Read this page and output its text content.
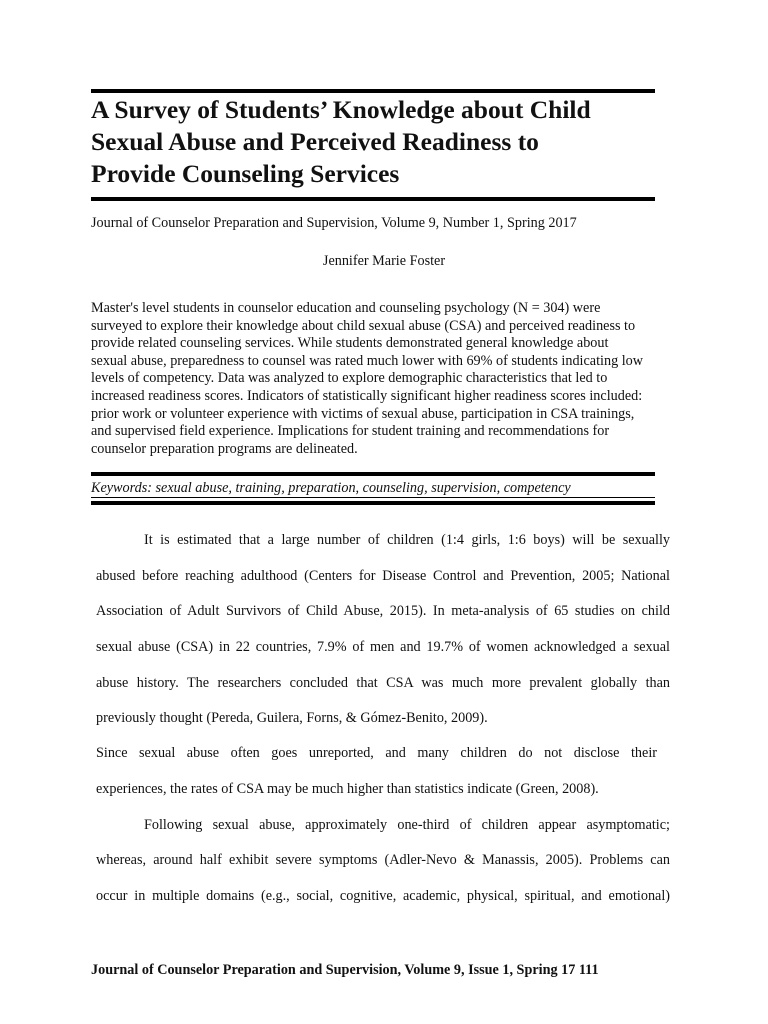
A Survey of Students’ Knowledge about Child
Sexual Abuse and Perceived Readiness to
Provide Counseling Services
Journal of Counselor Preparation and Supervision, Volume 9, Number 1, Spring 2017
Jennifer Marie Foster
Master's level students in counselor education and counseling psychology (N = 304) were
surveyed to explore their knowledge about child sexual abuse (CSA) and perceived readiness to
provide related counseling services. While students demonstrated general knowledge about
sexual abuse, preparedness to counsel was rated much lower with 69% of students indicating low
levels of competency. Data was analyzed to explore demographic characteristics that led to
increased readiness scores. Indicators of statistically significant higher readiness scores included:
prior work or volunteer experience with victims of sexual abuse, participation in CSA trainings,
and supervised field experience. Implications for student training and recommendations for
counselor preparation programs are delineated.
Keywords: sexual abuse, training, preparation, counseling, supervision, competency
It is estimated that a large number of children (1:4 girls, 1:6 boys) will be sexually
abused before reaching adulthood (Centers for Disease Control and Prevention, 2005; National
Association of Adult Survivors of Child Abuse, 2015). In meta-analysis of 65 studies on child
sexual abuse (CSA) in 22 countries, 7.9% of men and 19.7% of women acknowledged a sexual
abuse history. The researchers concluded that CSA was much more prevalent globally than
previously thought (Pereda, Guilera, Forns, & Gómez-Benito, 2009).
Since sexual abuse often goes unreported, and many children do not disclose their
experiences, the rates of CSA may be much higher than statistics indicate (Green, 2008).
Following sexual abuse, approximately one-third of children appear asymptomatic;
whereas, around half exhibit severe symptoms (Adler-Nevo & Manassis, 2005). Problems can
occur in multiple domains (e.g., social, cognitive, academic, physical, spiritual, and emotional)
Journal of Counselor Preparation and Supervision, Volume 9, Issue 1, Spring 17 111
